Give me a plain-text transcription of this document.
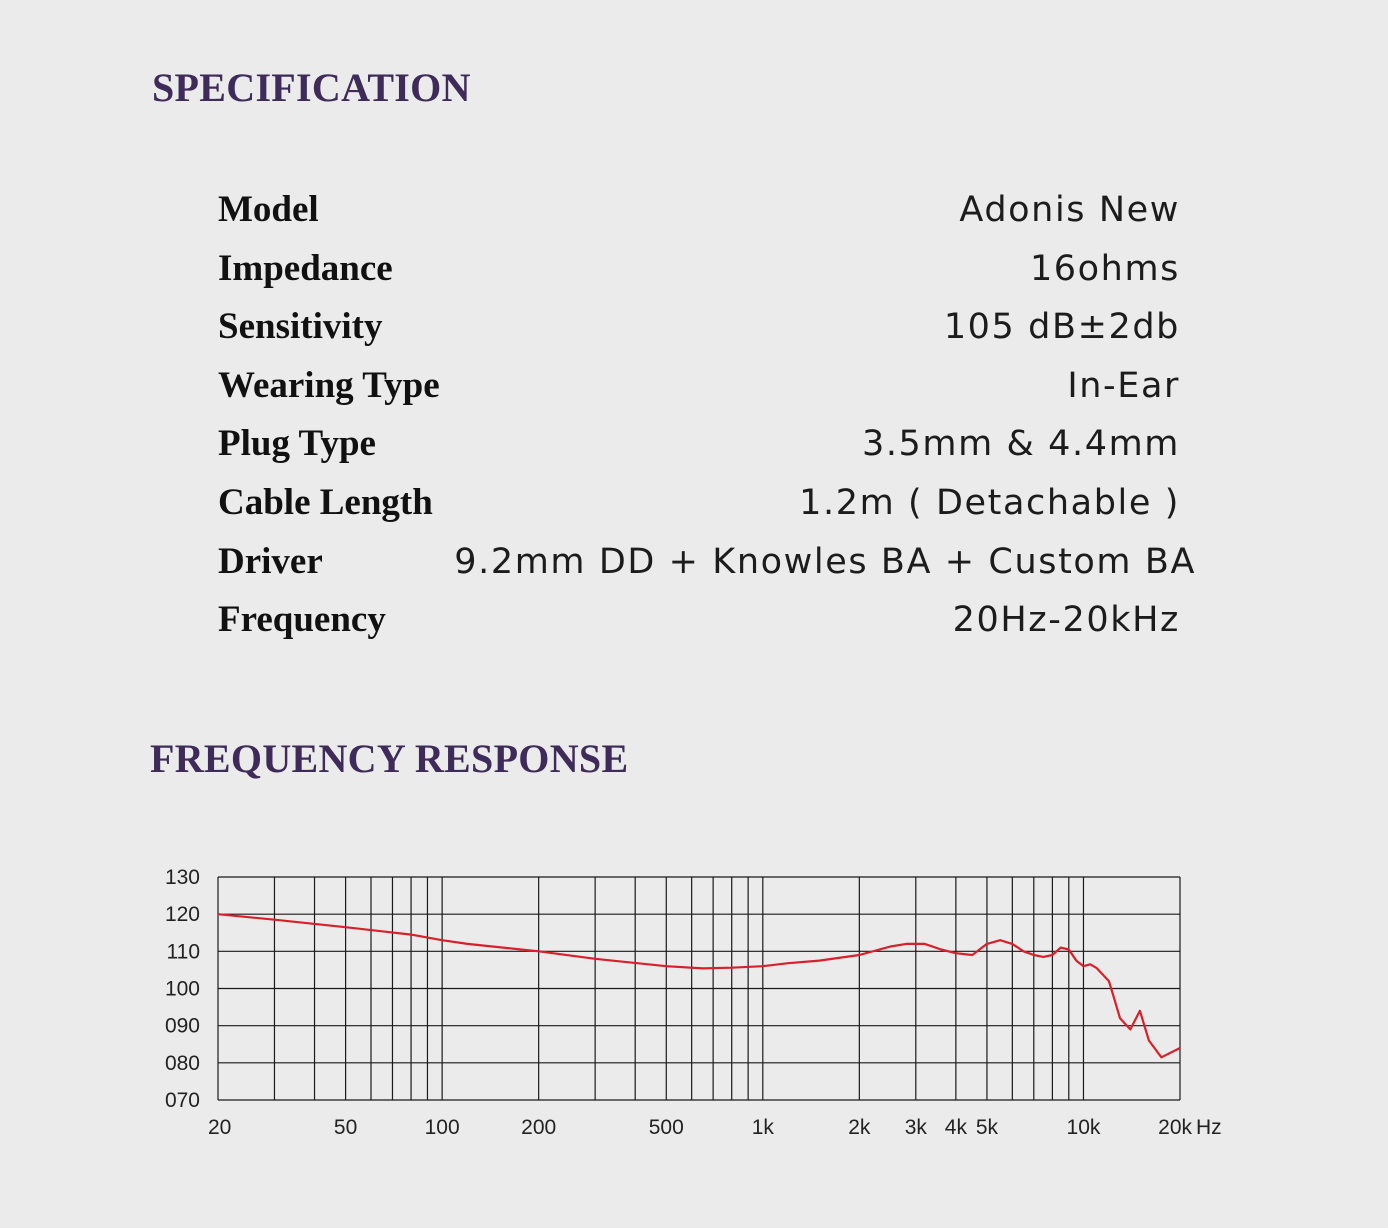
SPECIFICATION
Model	Adonis New
Impedance	16ohms
Sensitivity	105 dB±2db
Wearing Type	In-Ear
Plug Type	3.5mm & 4.4mm
Cable Length	1.2m ( Detachable )
Driver	9.2mm DD + Knowles BA + Custom BA
Frequency	20Hz-20kHz
FREQUENCY RESPONSE
070
080
090
100
110
120
130
20	50	100	200	500	1k	2k 3k 4k 5k	10k	20k Hz
